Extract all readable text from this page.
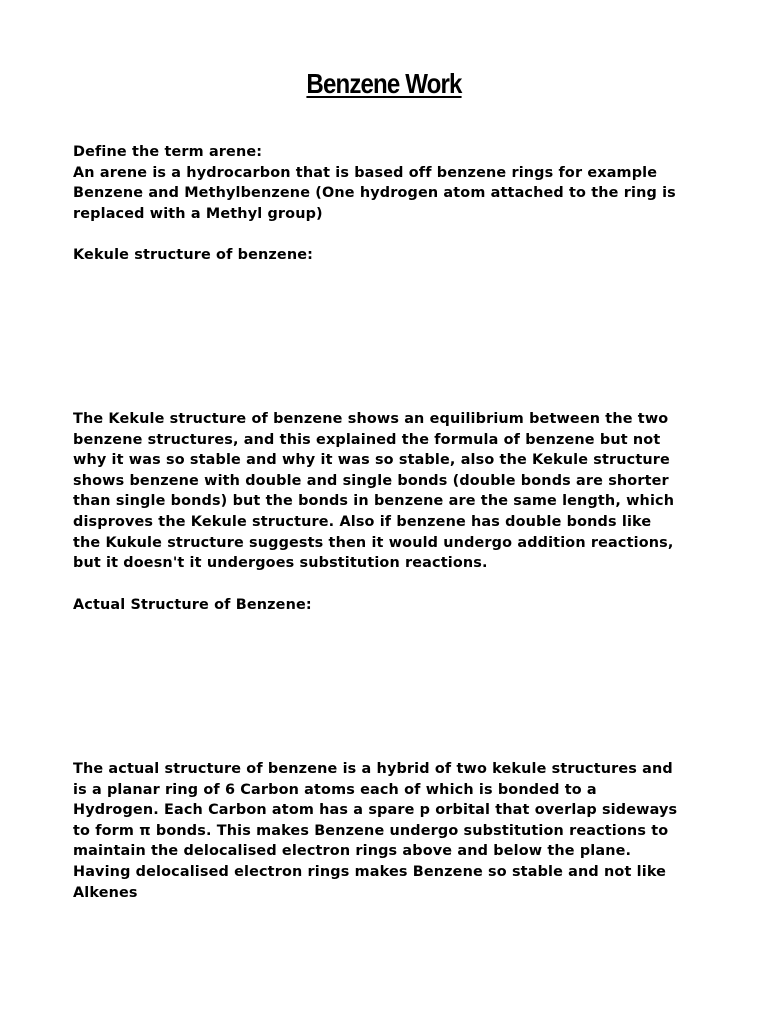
Benzene Work
Define the term arene:
An arene is a hydrocarbon that is based off benzene rings for example
Benzene and Methylbenzene (One hydrogen atom attached to the ring is
replaced with a Methyl group)
Kekule structure of benzene:
The Kekule structure of benzene shows an equilibrium between the two
benzene structures, and this explained the formula of benzene but not
why it was so stable and why it was so stable, also the Kekule structure
shows benzene with double and single bonds (double bonds are shorter
than single bonds) but the bonds in benzene are the same length, which
disproves the Kekule structure. Also if benzene has double bonds like
the Kukule structure suggests then it would undergo addition reactions,
but it doesn't it undergoes substitution reactions.
Actual Structure of Benzene:
The actual structure of benzene is a hybrid of two kekule structures and
is a planar ring of 6 Carbon atoms each of which is bonded to a
Hydrogen. Each Carbon atom has a spare p orbital that overlap sideways
to form π bonds. This makes Benzene undergo substitution reactions to
maintain the delocalised electron rings above and below the plane.
Having delocalised electron rings makes Benzene so stable and not like
Alkenes
